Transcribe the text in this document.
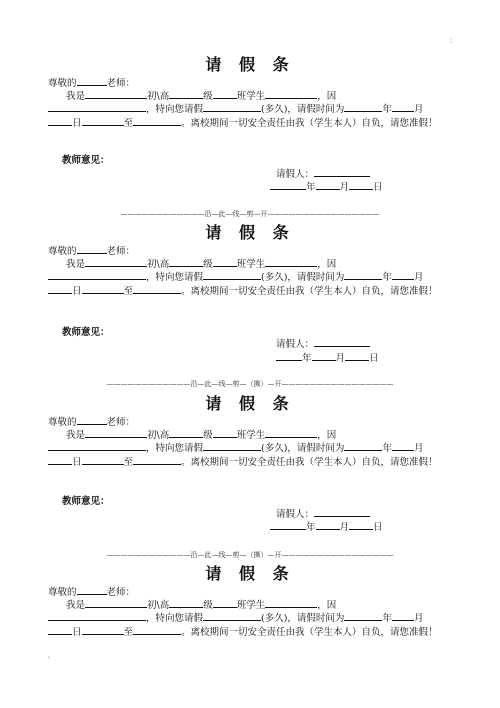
;
请 假 条
尊敬的	老师：
我是	初\高	级	班学生	，因
，特向您请假	(多久)，请假时间为	年 月
日	至	。离校期间一切安全责任由我（学生本人）自负，请您准假！
教师意见：
请假人：
年	月	日
————————————沿—此—线—剪—开————————————————
请 假 条
尊敬的	老师：
我是	初\高	级	班学生	，因
，特向您请假	(多久)，请假时间为	年 月
日	至	。离校期间一切安全责任由我（学生本人）自负，请您准假！
教师意见：
请假人：
年	月	日
————————————沿—此—线—剪—（撕）—开————————————————
请 假 条
尊敬的	老师：
我是	初\高	级	班学生	，因
，特向您请假	(多久)，请假时间为	年 月
日	至	。离校期间一切安全责任由我（学生本人）自负，请您准假！
教师意见：
请假人：
年	月	日
————————————沿—此—线—剪—（撕）—开————————————————
请 假 条
尊敬的	老师：
我是	初\高	级	班学生	，因
，特向您请假	(多久)，请假时间为	年 月
日	至	。离校期间一切安全责任由我（学生本人）自负，请您准假！
'
